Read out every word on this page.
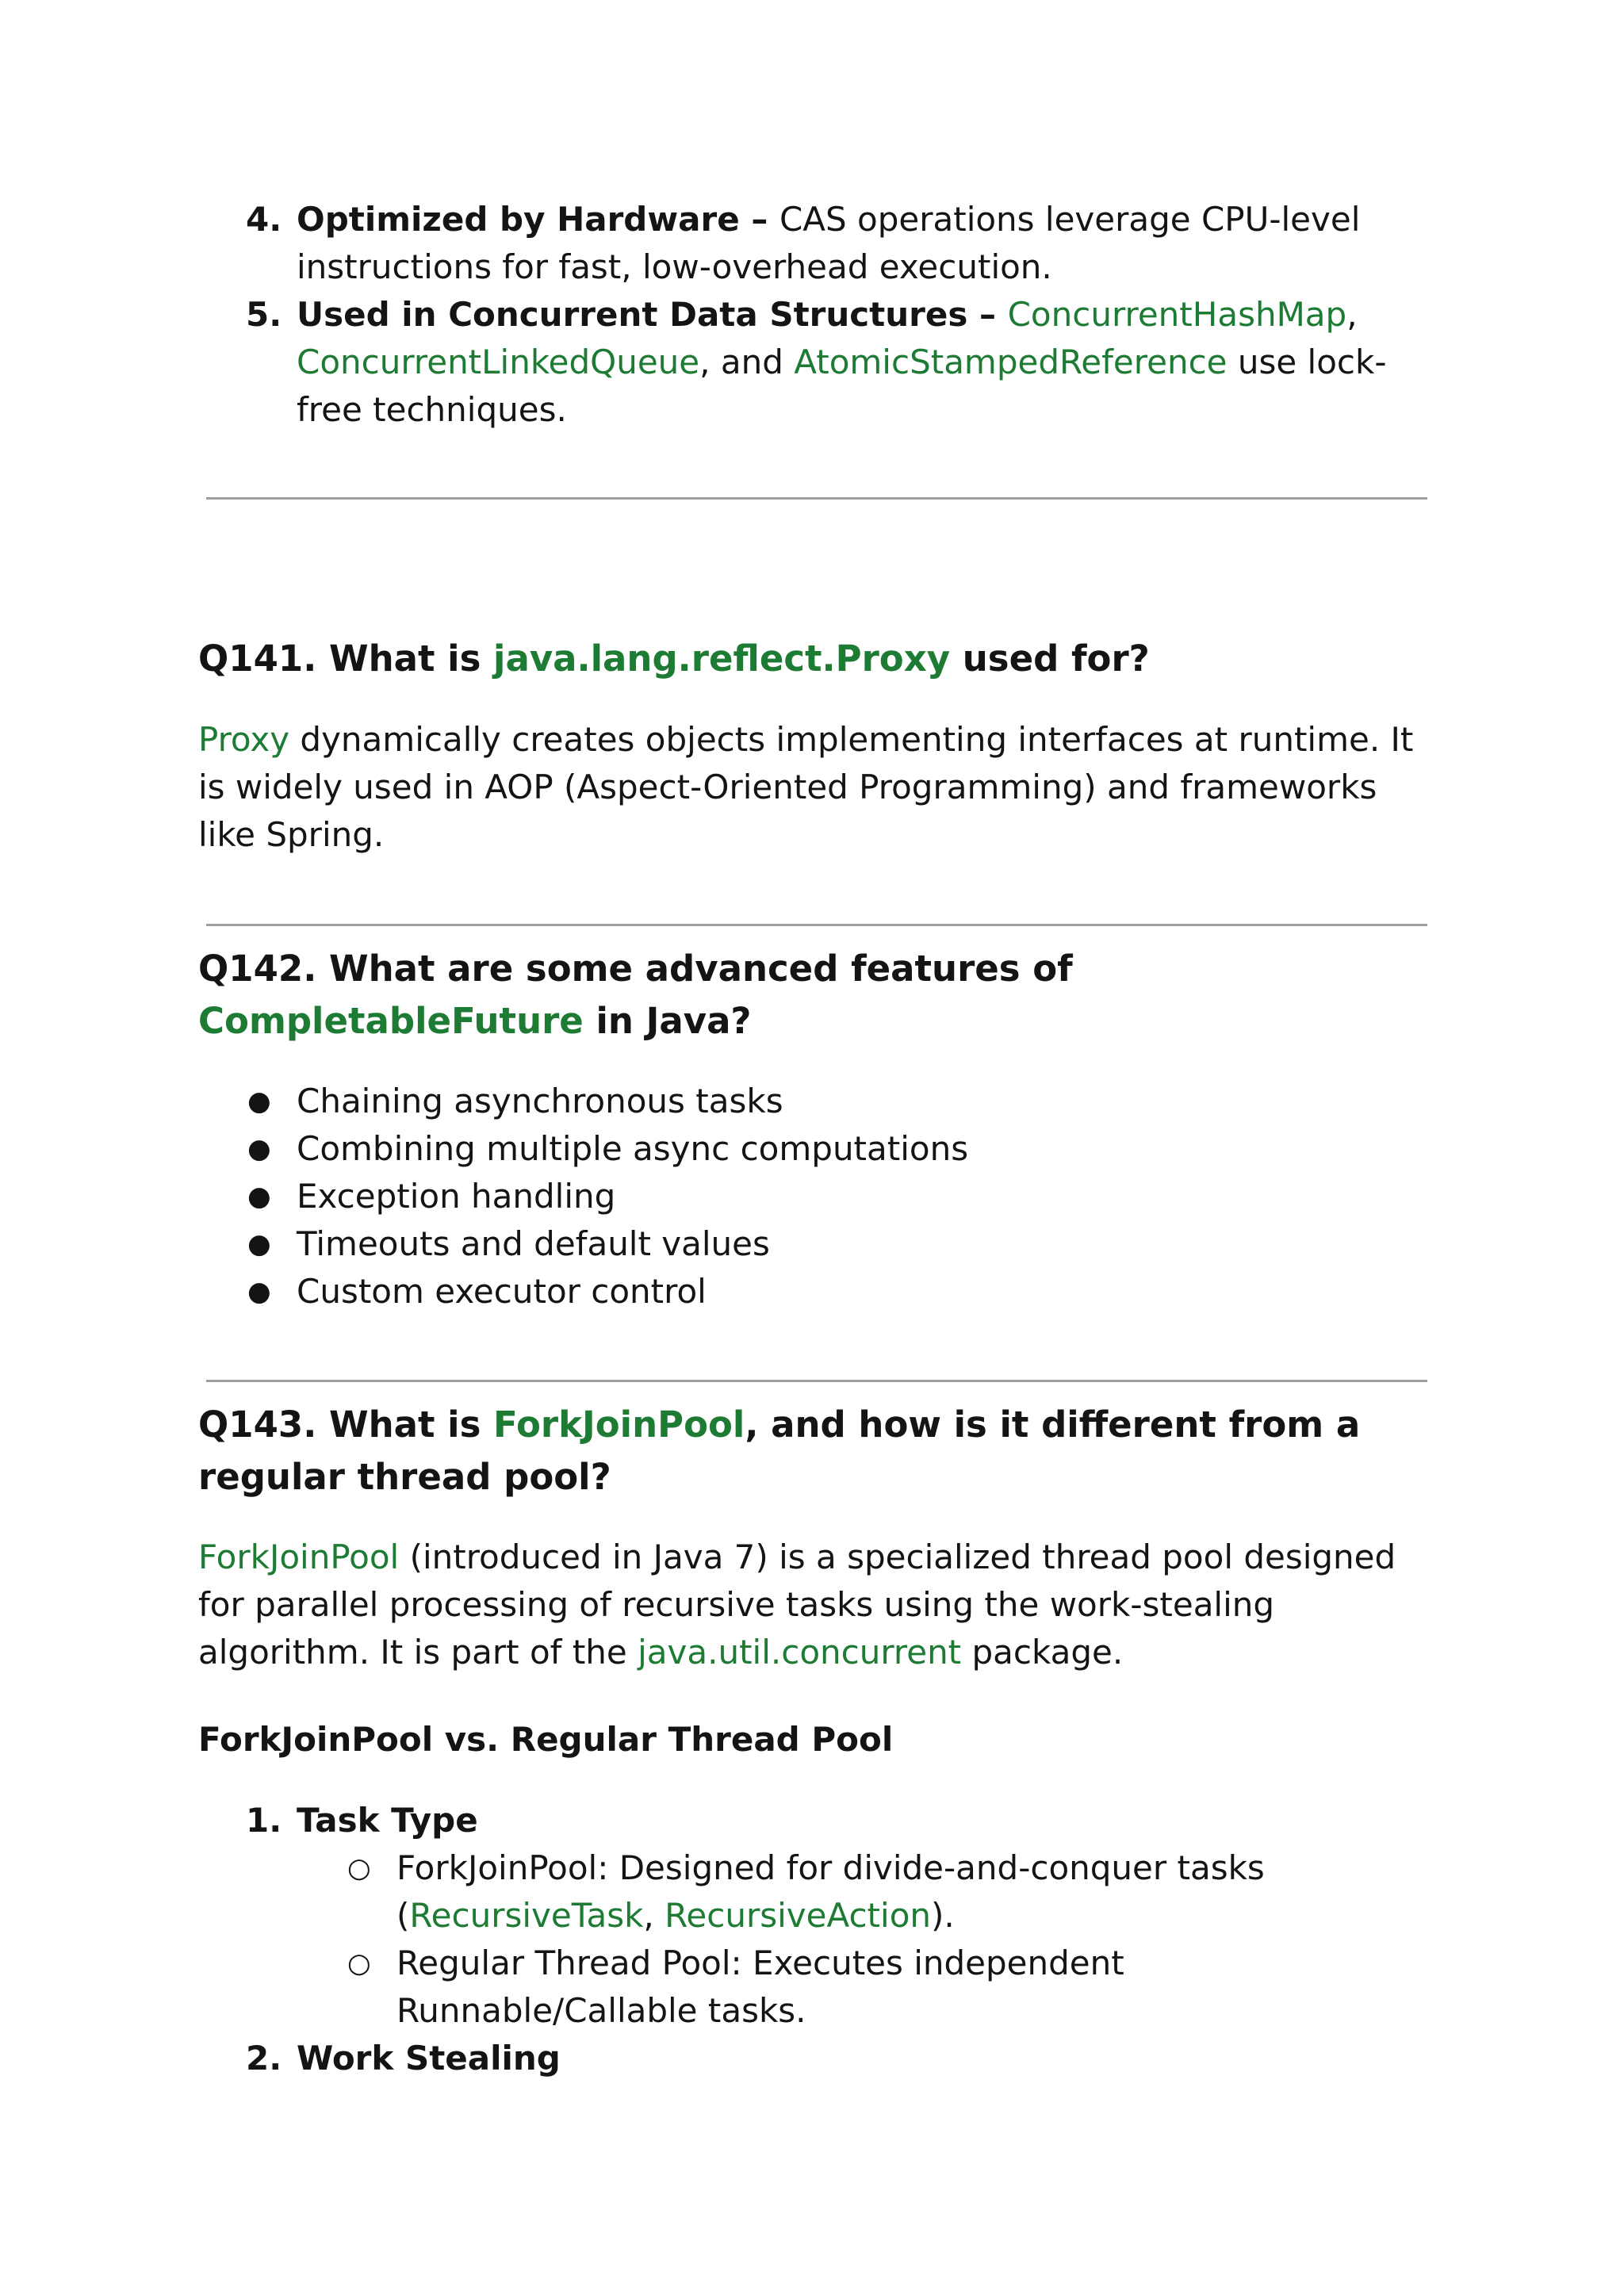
4. Optimized by Hardware – CAS operations leverage CPU-level instructions for fast, low-overhead execution.
5. Used in Concurrent Data Structures – ConcurrentHashMap, ConcurrentLinkedQueue, and AtomicStampedReference use lock-free techniques.
Q141. What is java.lang.reflect.Proxy used for?
Proxy dynamically creates objects implementing interfaces at runtime. It is widely used in AOP (Aspect-Oriented Programming) and frameworks like Spring.
Q142. What are some advanced features of CompletableFuture in Java?
● Chaining asynchronous tasks
● Combining multiple async computations
● Exception handling
● Timeouts and default values
● Custom executor control
Q143. What is ForkJoinPool, and how is it different from a regular thread pool?
ForkJoinPool (introduced in Java 7) is a specialized thread pool designed for parallel processing of recursive tasks using the work-stealing algorithm. It is part of the java.util.concurrent package.
ForkJoinPool vs. Regular Thread Pool
1. Task Type
○ ForkJoinPool: Designed for divide-and-conquer tasks (RecursiveTask, RecursiveAction).
○ Regular Thread Pool: Executes independent Runnable/Callable tasks.
2. Work Stealing
